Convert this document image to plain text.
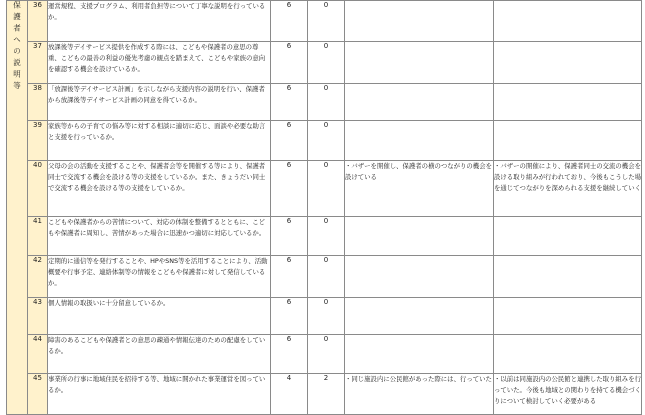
保護者への説明等	36	運営規程、支援プログラム、利用者負担等について丁寧な説明を行っているか。	6	0		
	37	放課後等デイサービス提供を作成する際には、こどもや保護者の意思の尊重、こどもの最善の利益の優先考慮の観点を踏まえて、こどもや家族の意向を確認する機会を設けているか。	6	0		
	38	「放課後等デイサービス計画」を示しながら支援内容の説明を行い、保護者から放課後等デイサービス計画の同意を得ているか。	6	0		
	39	家族等からの子育ての悩み等に対する相談に適切に応じ、面談や必要な助言と支援を行っているか。	6	0		
	40	父母の会の活動を支援することや、保護者会等を開催する等により、保護者同士で交流する機会を設ける等の支援をしているか。また、きょうだい同士で交流する機会を設ける等の支援をしているか。	6	0	・バザーを開催し、保護者の横のつながりの機会を設けている	・バザーの開催により、保護者同士の交流の機会を設ける取り組みが行われており、今後もこうした場を通じてつながりを深められる支援を継続していく
	41	こどもや保護者からの苦情について、対応の体制を整備するとともに、こどもや保護者に周知し、苦情があった場合に迅速かつ適切に対応しているか。	6	0		
	42	定期的に通信等を発行することや、HPやSNS等を活用することにより、活動概要や行事予定、連絡体制等の情報をこどもや保護者に対して発信しているか。	6	0		
	43	個人情報の取扱いに十分留意しているか。	6	0		
	44	障害のあるこどもや保護者との意思の疎通や情報伝達のための配慮をしているか。	6	0		
	45	事業所の行事に地域住民を招待する等、地域に開かれた事業運営を図っているか。	4	2	・同じ施設内に公民館があった際には、行っていた	・以前は同施設内の公民館と連携した取り組みを行っていた。今後も地域との関わりを持てる機会づくりについて検討していく必要がある
